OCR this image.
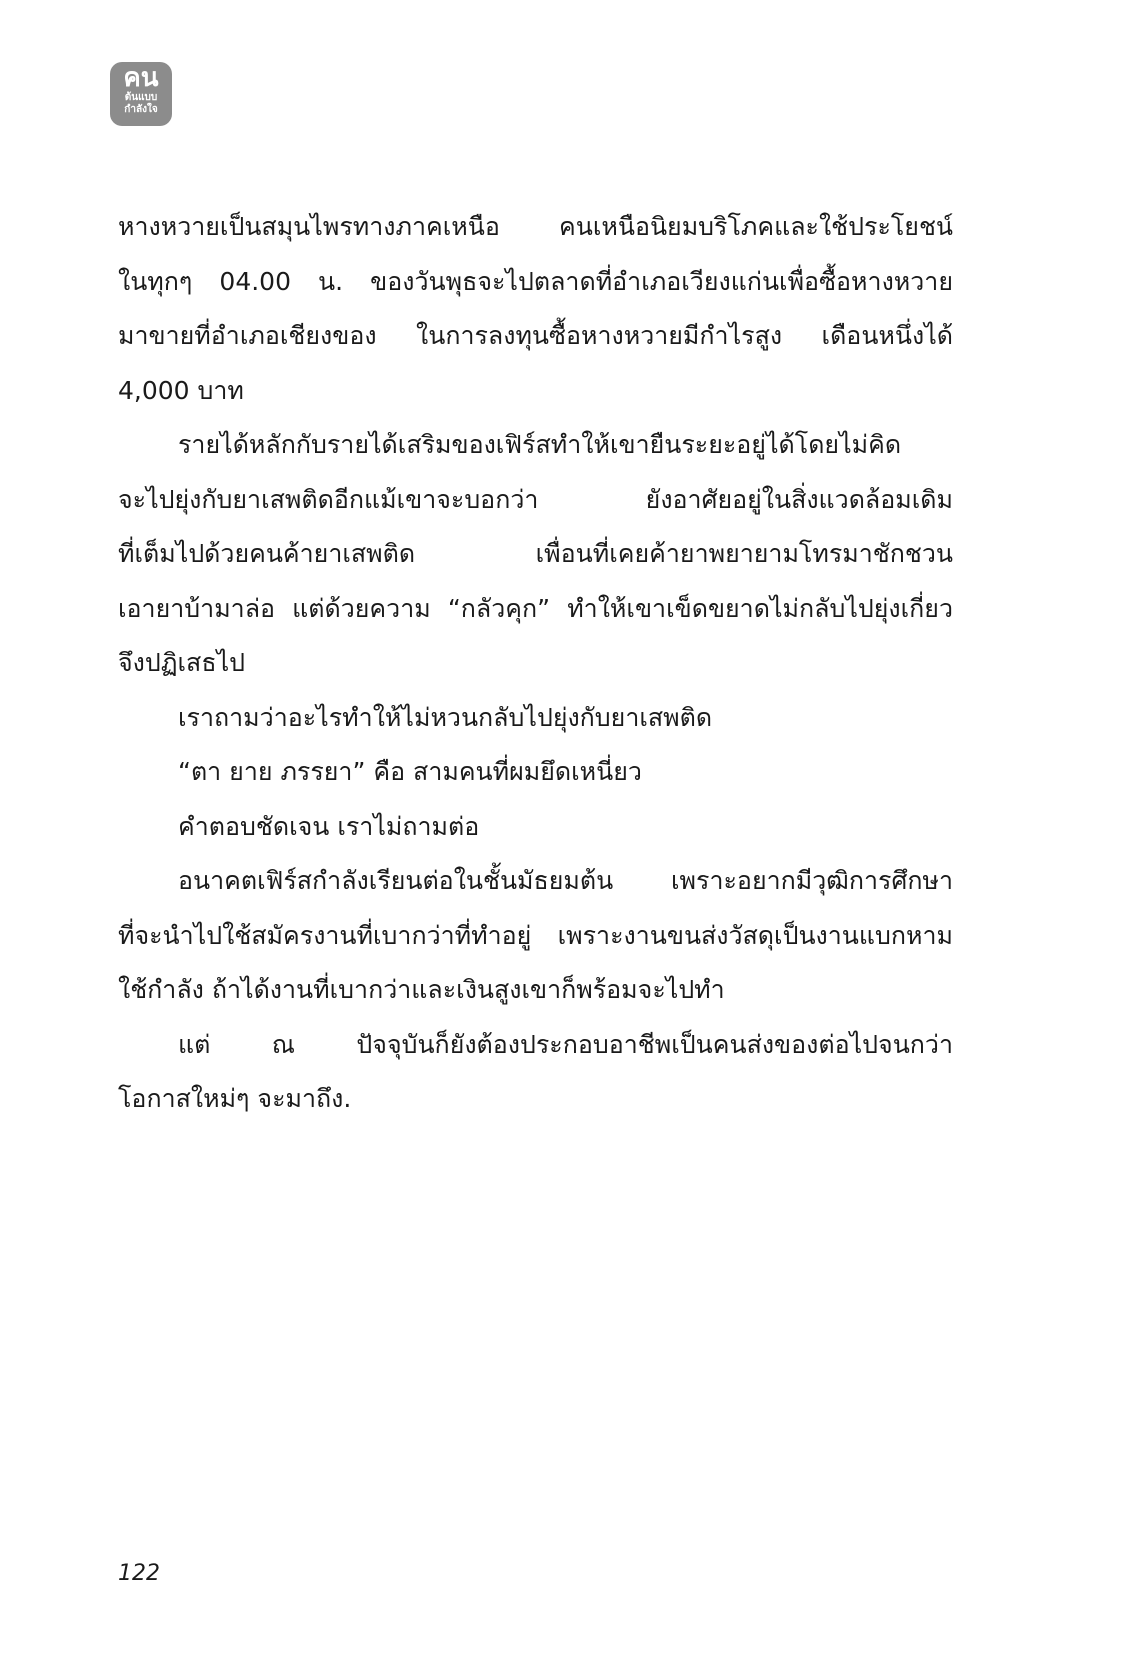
คน
ต้นแบบ
กำลังใจ
หางหวายเป็นสมุนไพรทางภาคเหนือ คนเหนือนิยมบริโภคและใช้ประโยชน์
ในทุกๆ 04.00 น. ของวันพุธจะไปตลาดที่อำเภอเวียงแก่นเพื่อซื้อหางหวาย
มาขายที่อำเภอเชียงของ ในการลงทุนซื้อหางหวายมีกำไรสูง เดือนหนึ่งได้
4,000 บาท
รายได้หลักกับรายได้เสริมของเฟิร์สทำให้เขายืนระยะอยู่ได้โดยไม่คิด
จะไปยุ่งกับยาเสพติดอีกแม้เขาจะบอกว่า ยังอาศัยอยู่ในสิ่งแวดล้อมเดิม
ที่เต็มไปด้วยคนค้ายาเสพติด เพื่อนที่เคยค้ายาพยายามโทรมาชักชวน
เอายาบ้ามาล่อ แต่ด้วยความ “กลัวคุก” ทำให้เขาเข็ดขยาดไม่กลับไปยุ่งเกี่ยว
จึงปฏิเสธไป
เราถามว่าอะไรทำให้ไม่หวนกลับไปยุ่งกับยาเสพติด
“ตา ยาย ภรรยา” คือ สามคนที่ผมยึดเหนี่ยว
คำตอบชัดเจน เราไม่ถามต่อ
อนาคตเฟิร์สกำลังเรียนต่อในชั้นมัธยมต้น เพราะอยากมีวุฒิการศึกษา
ที่จะนำไปใช้สมัครงานที่เบากว่าที่ทำอยู่ เพราะงานขนส่งวัสดุเป็นงานแบกหาม
ใช้กำลัง ถ้าได้งานที่เบากว่าและเงินสูงเขาก็พร้อมจะไปทำ
แต่ ณ ปัจจุบันก็ยังต้องประกอบอาชีพเป็นคนส่งของต่อไปจนกว่า
โอกาสใหม่ๆ จะมาถึง.
122
